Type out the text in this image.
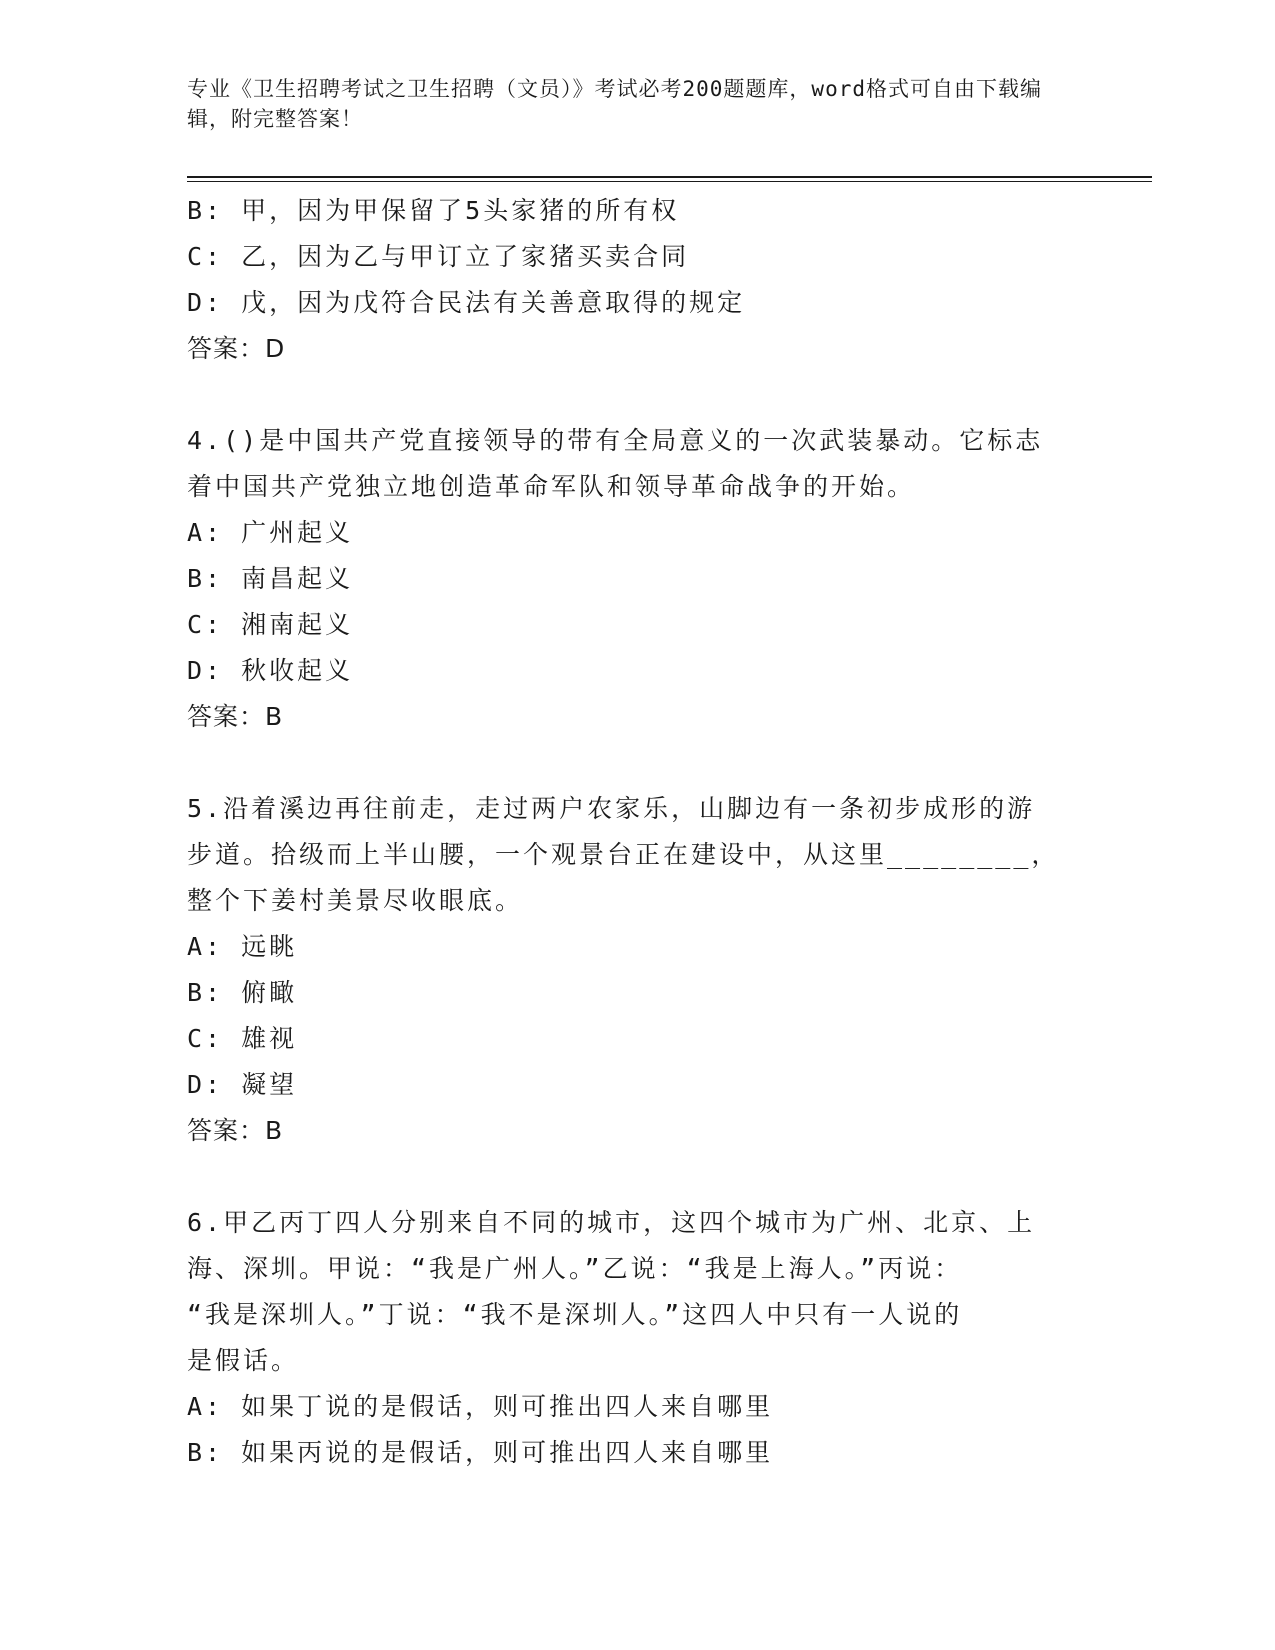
专业《卫生招聘考试之卫生招聘（文员）》考试必考200题题库，word格式可自由下载编辑，附完整答案！
B: 甲，因为甲保留了5头家猪的所有权
C: 乙，因为乙与甲订立了家猪买卖合同
D: 戊，因为戊符合民法有关善意取得的规定
答案：D
4.()是中国共产党直接领导的带有全局意义的一次武装暴动。它标志
着中国共产党独立地创造革命军队和领导革命战争的开始。
A: 广州起义
B: 南昌起义
C: 湘南起义
D: 秋收起义
答案：B
5.沿着溪边再往前走，走过两户农家乐，山脚边有一条初步成形的游
步道。拾级而上半山腰，一个观景台正在建设中，从这里________，
整个下姜村美景尽收眼底。
A: 远眺
B: 俯瞰
C: 雄视
D: 凝望
答案：B
6.甲乙丙丁四人分别来自不同的城市，这四个城市为广州、北京、上
海、深圳。甲说：“我是广州人。”乙说：“我是上海人。”丙说：
“我是深圳人。”丁说：“我不是深圳人。”这四人中只有一人说的
是假话。
A: 如果丁说的是假话，则可推出四人来自哪里
B: 如果丙说的是假话，则可推出四人来自哪里
